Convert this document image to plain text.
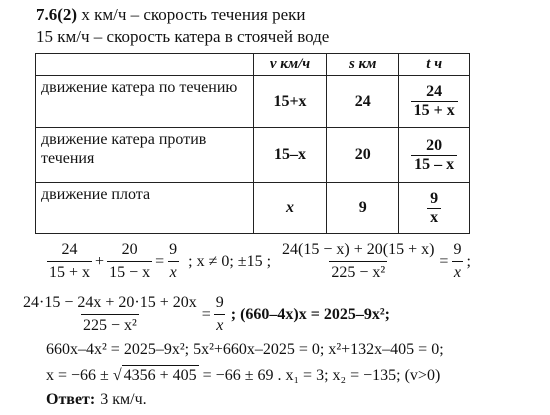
7.6(2) x км/ч – скорость течения реки
15 км/ч – скорость катера в стоячей воде
	v км/ч	s км	t ч
движение катера по течению	15+x	24	$\frac{24}{15 + x}$

движение катера против течения	15–x	20	$\frac{20}{15 - x}$

движение плота	x	9	$\frac{9}{x}$
24
15 + x
+ $\frac{20}{15 - x} = \frac{9}{x}$ ; x ≠ 0; ±15 ; $\frac{24(15 - x) + 20(15 + x)}{\text{225 − x²}} = \frac{9}{x}$ ;
$\frac{24\cdot 15 - 24x + 20\cdot 15 + 20x}{\text{225 − x²}} = \frac{9}{x}$ ; (660–4x)x = 2025–9x²;
660x–4x² = 2025–9x²; 5x²+660x–2025 = 0; x²+132x–405 = 0;
x = −66 ± √ 4356 + 405 = −66 ± 69 . x₁ = 3; x₂ = −135; (v>0)
Ответ: 3 км/ч.
